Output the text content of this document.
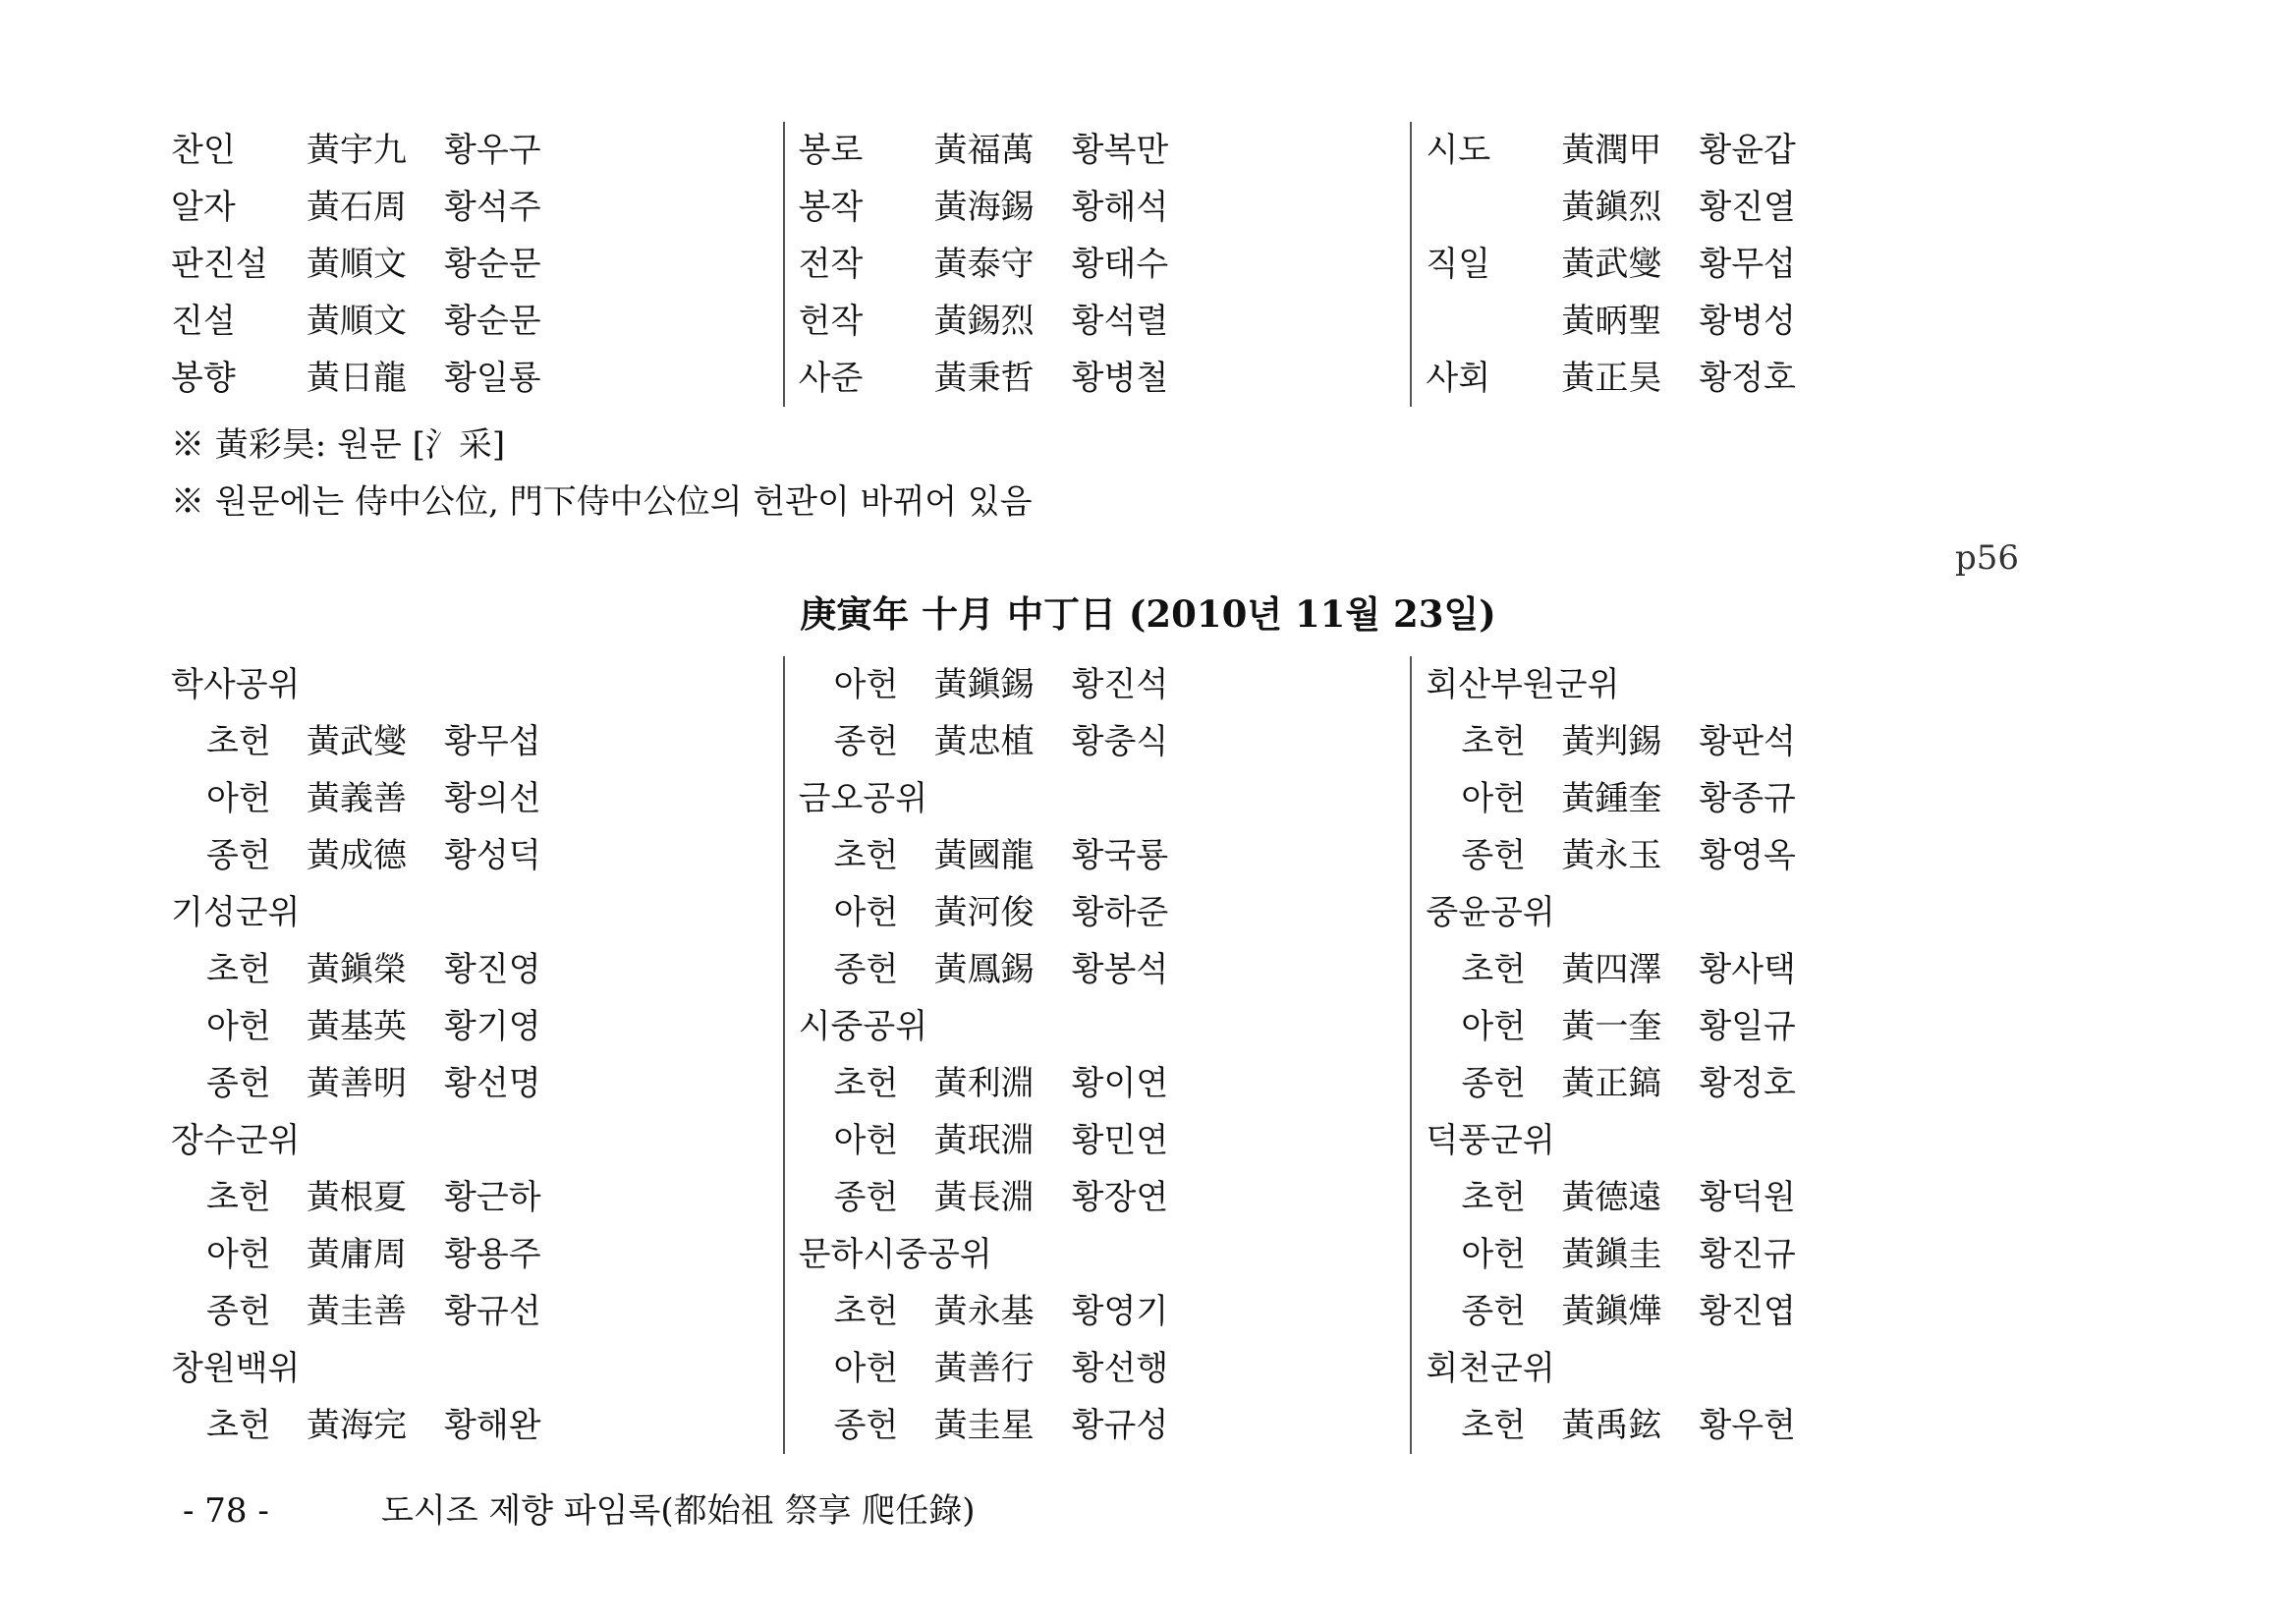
찬인 黃宇九 황우구
알자 黃石周 황석주
판진설 黃順文 황순문
진설 黃順文 황순문
봉향 黃日龍 황일룡
봉로 黃福萬 황복만
봉작 黃海錫 황해석
전작 黃泰守 황태수
헌작 黃錫烈 황석렬
사준 黃秉哲 황병철
시도 黃潤甲 황윤갑
黃鎭烈 황진열
직일 黃武燮 황무섭
黃昞聖 황병성
사회 黃正昊 황정호
※ 黃彩昊: 원문 [氵采]
※ 원문에는 侍中公位, 門下侍中公位의 헌관이 바뀌어 있음
p56
庚寅年 十月 中丁日 (2010년 11월 23일)
학사공위
초헌 黃武燮 황무섭
아헌 黃義善 황의선
종헌 黃成德 황성덕
기성군위
초헌 黃鎭榮 황진영
아헌 黃基英 황기영
종헌 黃善明 황선명
장수군위
초헌 黃根夏 황근하
아헌 黃庸周 황용주
종헌 黃圭善 황규선
창원백위
초헌 黃海完 황해완
아헌 黃鎭錫 황진석
종헌 黃忠植 황충식
금오공위
초헌 黃國龍 황국룡
아헌 黃河俊 황하준
종헌 黃鳳錫 황봉석
시중공위
초헌 黃利淵 황이연
아헌 黃珉淵 황민연
종헌 黃長淵 황장연
문하시중공위
초헌 黃永基 황영기
아헌 黃善行 황선행
종헌 黃圭星 황규성
회산부원군위
초헌 黃判錫 황판석
아헌 黃鍾奎 황종규
종헌 黃永玉 황영옥
중윤공위
초헌 黃四澤 황사택
아헌 黃一奎 황일규
종헌 黃正鎬 황정호
덕풍군위
초헌 黃德遠 황덕원
아헌 黃鎭圭 황진규
종헌 黃鎭燁 황진엽
회천군위
초헌 黃禹鉉 황우현
- 78 -	도시조 제향 파임록(都始祖 祭享 爬任錄)
